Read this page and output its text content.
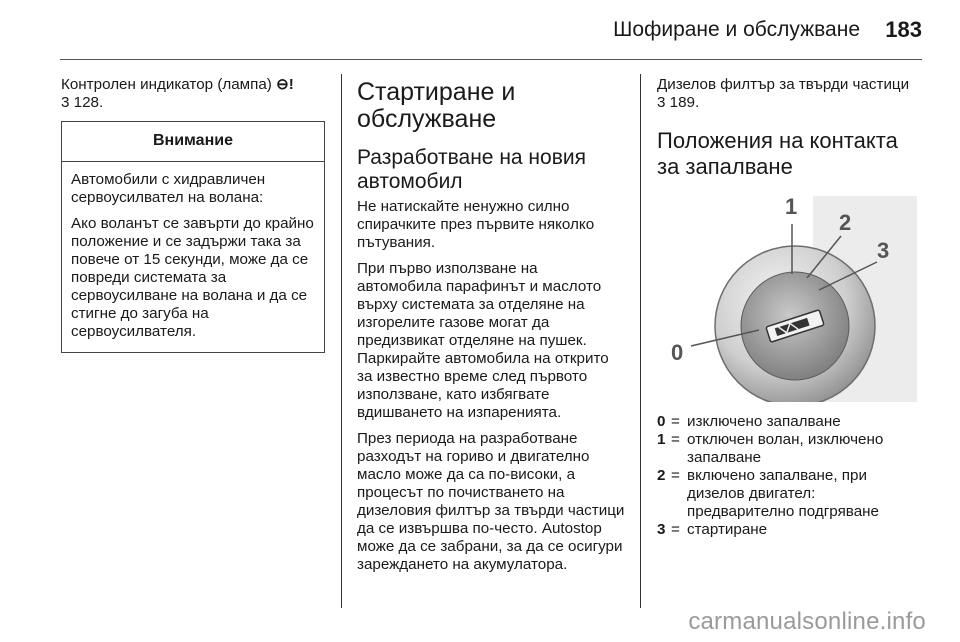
Шофиране и обслужване 183

Контролен индикатор (лампа) ⊖!
3 128.

Внимание

Автомобили с хидравличен сервоусилвател на волана:

Ако воланът се завърти до крайно положение и се задържи така за повече от 15 секунди, може да се повреди системата за сервоусилване на волана и да се стигне до загуба на сервоусилвателя.

Стартиране и обслужване
Разработване на новия автомобил

Не натискайте ненужно силно спирачките през първите няколко пътувания.

При първо използване на автомобила парафинът и маслото върху системата за отделяне на изгорелите газове могат да предизвикат отделяне на пушек. Паркирайте автомобила на открито за известно време след първото използване, като избягвате вдишването на изпаренията.

През периода на разработване разходът на гориво и двигателно масло може да са по-високи, а процесът по почистването на дизеловия филтър за твърди частици да се извършва по-често. Autostop може да се забрани, за да се осигури зареждането на акумулатора.

Дизелов филтър за твърди частици
3 189.

Положения на контакта за запалване
1
2
3
0
0 = изключено запалване
1 = отключен волан, изключено запалване
2 = включено запалване, при дизелов двигател: предварително подгряване
3 = стартиране
carmanualsonline.info
